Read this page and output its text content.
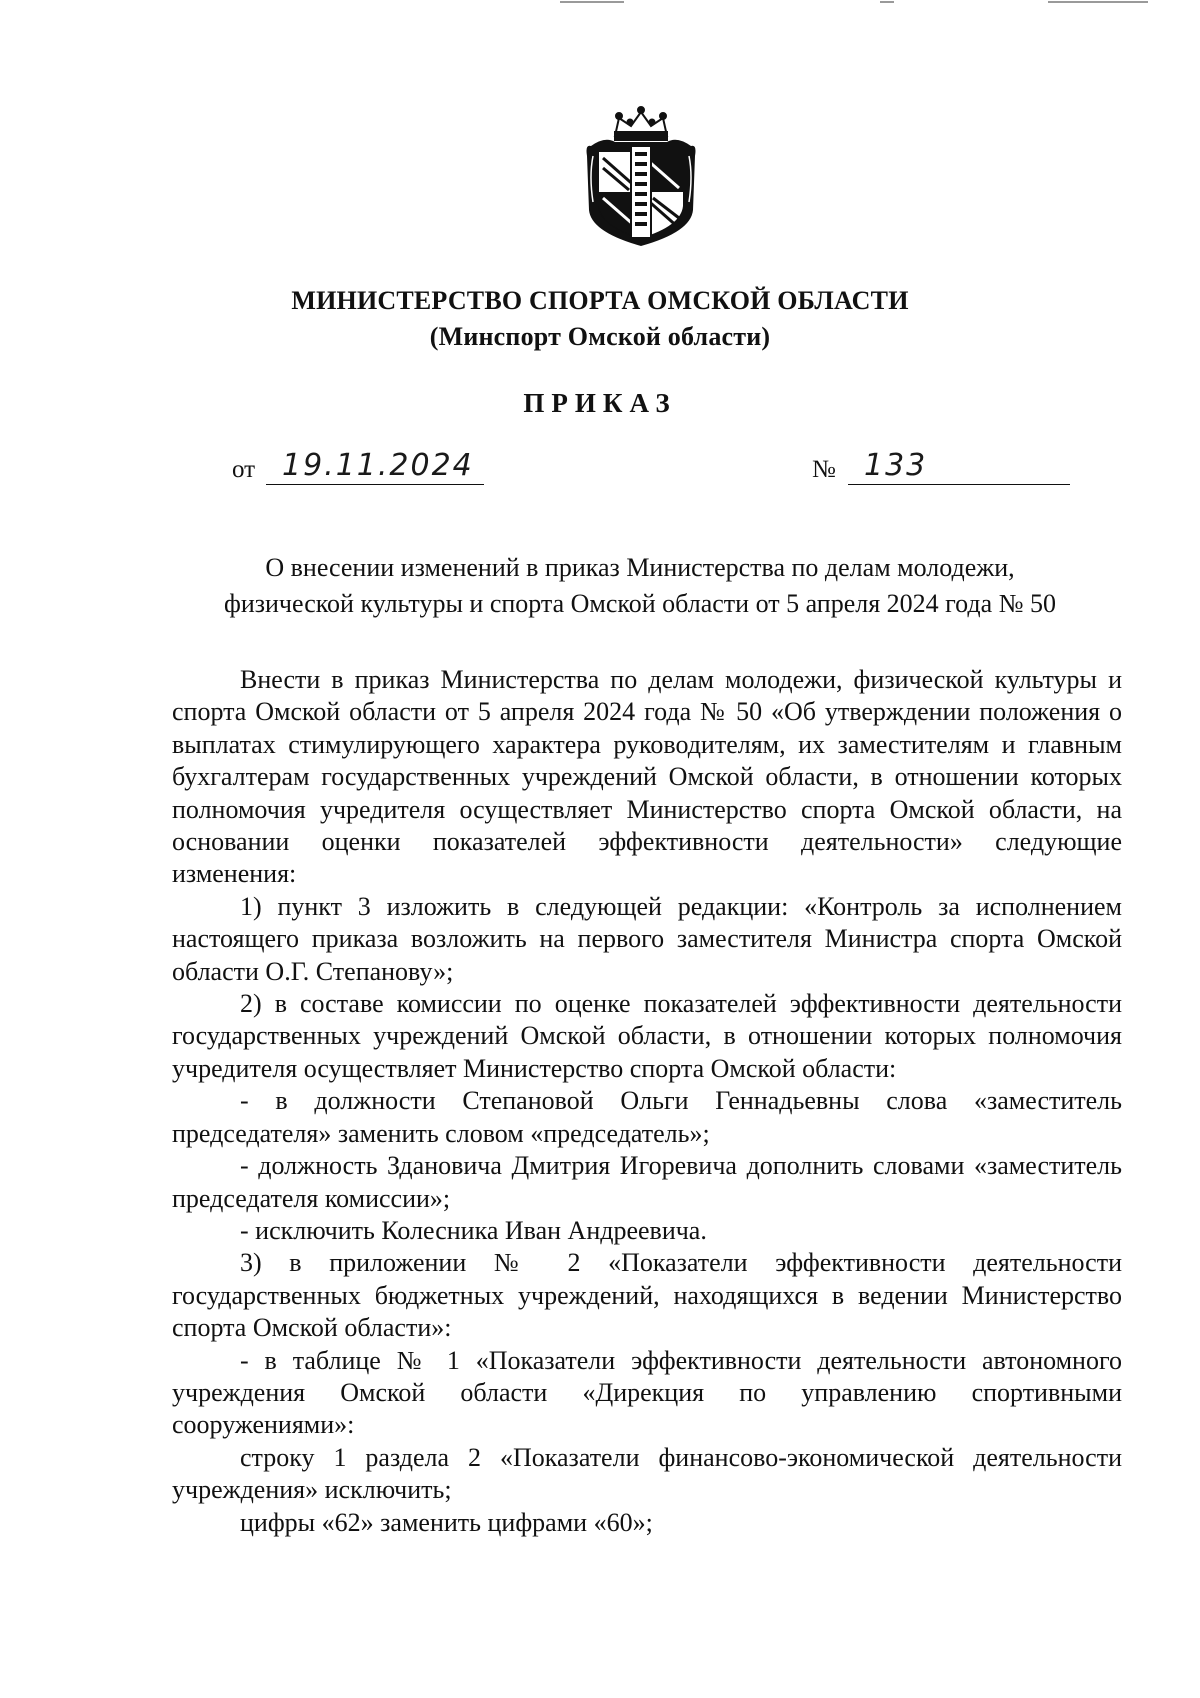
МИНИСТЕРСТВО СПОРТА ОМСКОЙ ОБЛАСТИ
(Минспорт Омской области)
ПРИКАЗ
от 19.11.2024	№ 133
О внесении изменений в приказ Министерства по делам молодежи,
физической культуры и спорта Омской области от 5 апреля 2024 года № 50

Внести в приказ Министерства по делам молодежи, физической культуры и спорта Омской области от 5 апреля 2024 года № 50 «Об утверждении положения о выплатах стимулирующего характера руководителям, их заместителям и главным бухгалтерам государственных учреждений Омской области, в отношении которых полномочия учредителя осуществляет Министерство спорта Омской области, на основании оценки показателей эффективности деятельности» следующие изменения:

1) пункт 3 изложить в следующей редакции: «Контроль за исполнением настоящего приказа возложить на первого заместителя Министра спорта Омской области О.Г. Степанову»;

2) в составе комиссии по оценке показателей эффективности деятельности государственных учреждений Омской области, в отношении которых полномочия учредителя осуществляет Министерство спорта Омской области:

- в должности Степановой Ольги Геннадьевны слова «заместитель председателя» заменить словом «председатель»;

- должность Здановича Дмитрия Игоревича дополнить словами «заместитель председателя комиссии»;

- исключить Колесника Иван Андреевича.

3) в приложении № 2 «Показатели эффективности деятельности государственных бюджетных учреждений, находящихся в ведении Министерство спорта Омской области»:

- в таблице № 1 «Показатели эффективности деятельности автономного учреждения Омской области «Дирекция по управлению спортивными сооружениями»:

строку 1 раздела 2 «Показатели финансово-экономической деятельности учреждения» исключить;

цифры «62» заменить цифрами «60»;
